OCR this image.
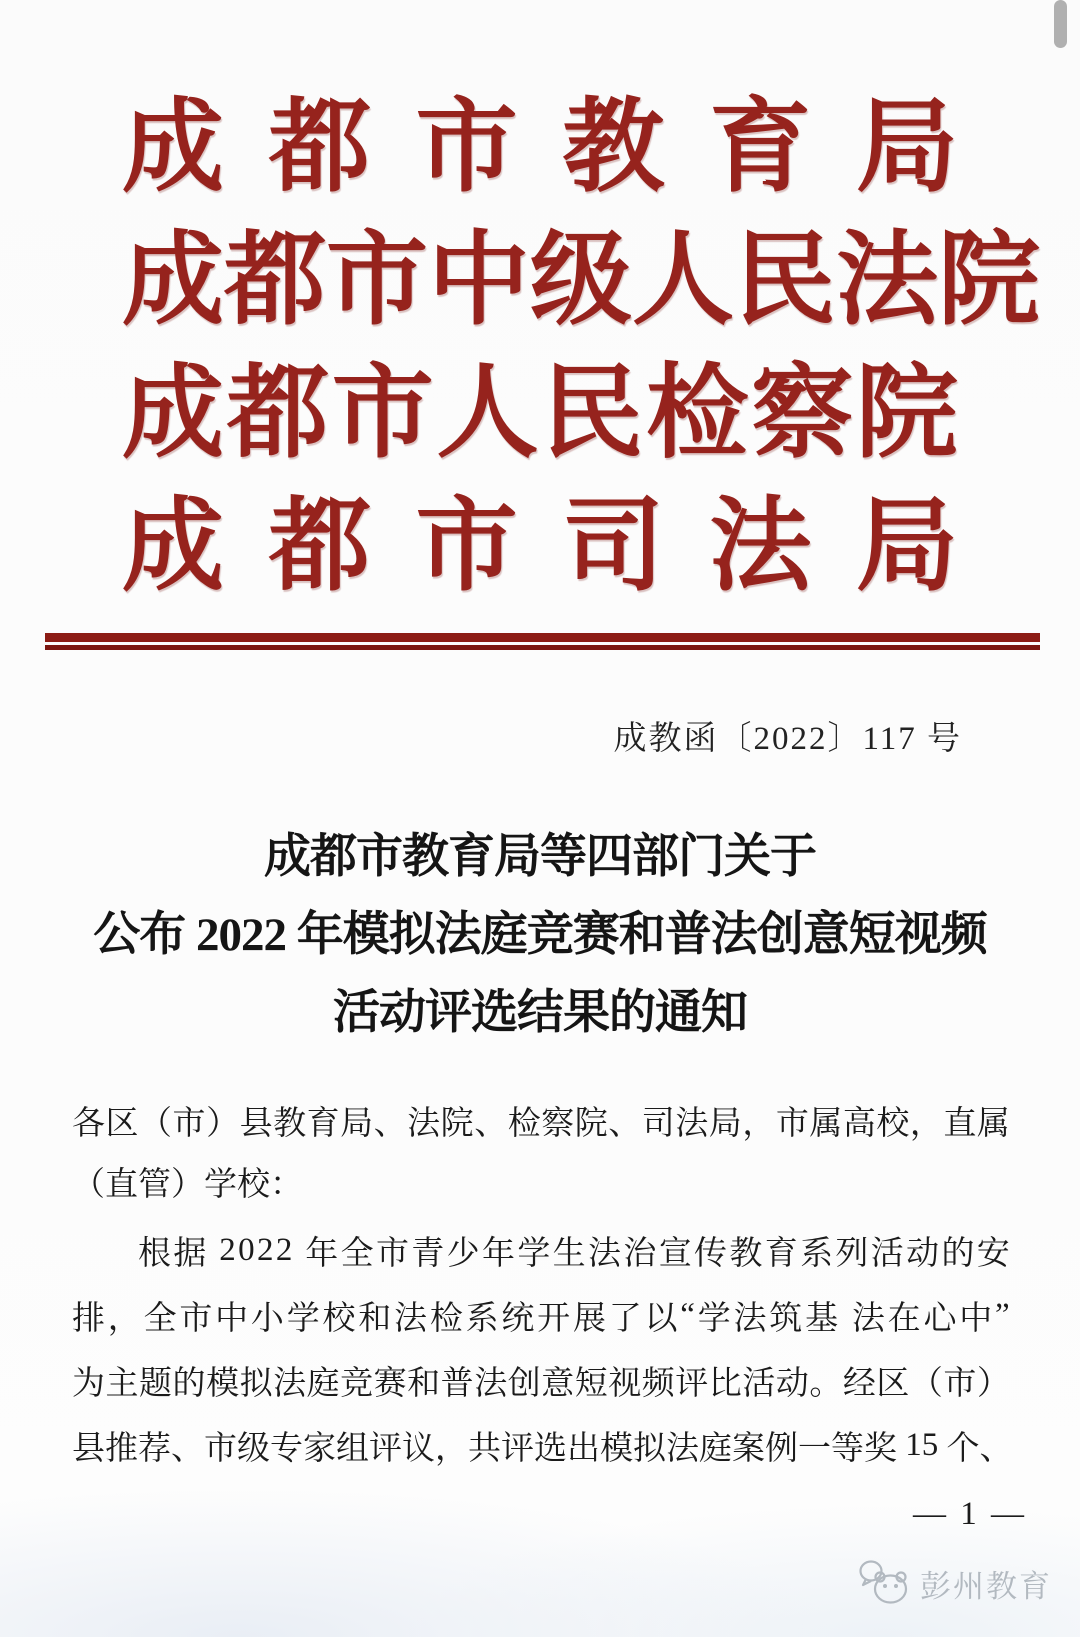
成 都 市 教 育 局
成 都 市 中 级 人 民 法 院
成 都 市 人 民 检 察 院
成 都 市 司 法 局
成教函〔2022〕117 号
成都市教育局等四部门关于
公布 2022 年模拟法庭竞赛和普法创意短视频
活动评选结果的通知
各 区 （ 市 ） 县 教 育 局 、 法 院 、 检 察 院 、 司 法 局 ， 市 属 高 校 ， 直 属
（直管）学校：
根 据
2 0 2 2
年 全 市 青 少 年 学 生 法 治 宣 传 教 育 系 列 活 动 的 安
排 ， 全 市 中 小 学 校 和 法 检 系 统 开 展 了 以 “ 学 法 筑 基
法 在 心 中 ”
为 主 题 的 模 拟 法 庭 竞 赛 和 普 法 创 意 短 视 频 评 比 活 动 。 经 区 （ 市 ）
县 推 荐 、 市 级 专 家 组 评 议 ， 共 评 选 出 模 拟 法 庭 案 例 一 等 奖
1 5
个 、
— 1 —
彭州教育
